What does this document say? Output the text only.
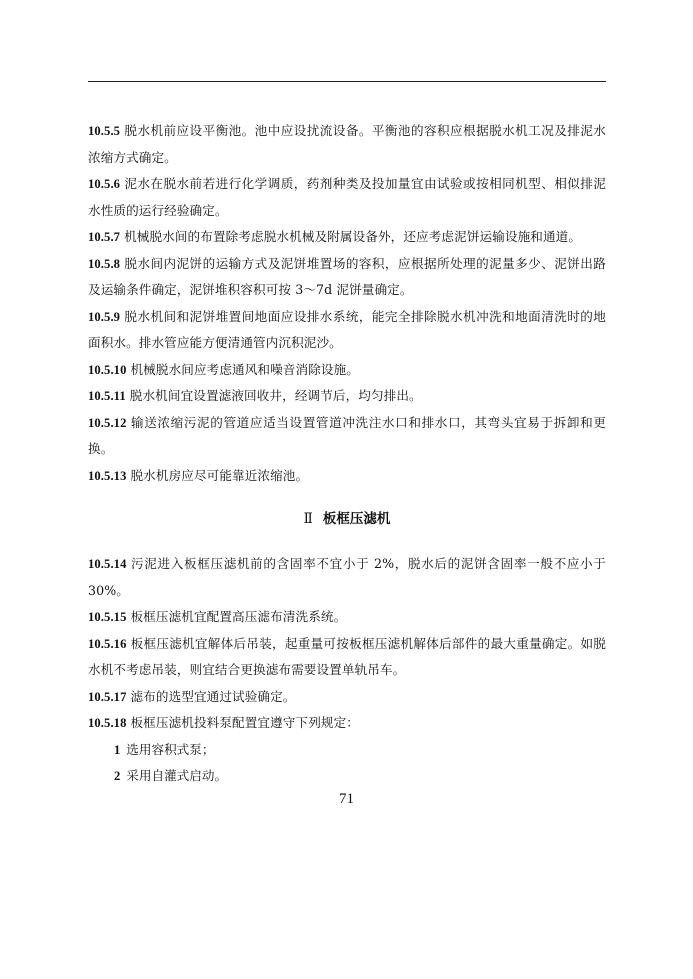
10.5.5 脱水机前应设平衡池。池中应设扰流设备。平衡池的容积应根据脱水机工况及排泥水浓缩方式确定。

10.5.6 泥水在脱水前若进行化学调质，药剂种类及投加量宜由试验或按相同机型、相似排泥水性质的运行经验确定。

10.5.7 机械脱水间的布置除考虑脱水机械及附属设备外，还应考虑泥饼运输设施和通道。

10.5.8 脱水间内泥饼的运输方式及泥饼堆置场的容积，应根据所处理的泥量多少、泥饼出路及运输条件确定，泥饼堆积容积可按 3～7d 泥饼量确定。

10.5.9 脱水机间和泥饼堆置间地面应设排水系统，能完全排除脱水机冲洗和地面清洗时的地面积水。排水管应能方便清通管内沉积泥沙。

10.5.10 机械脱水间应考虑通风和噪音消除设施。

10.5.11 脱水机间宜设置滤液回收井，经调节后，均匀排出。

10.5.12 输送浓缩污泥的管道应适当设置管道冲洗注水口和排水口，其弯头宜易于拆卸和更换。

10.5.13 脱水机房应尽可能靠近浓缩池。

Ⅱ 板框压滤机

10.5.14 污泥进入板框压滤机前的含固率不宜小于 2%，脱水后的泥饼含固率一般不应小于 30%。

10.5.15 板框压滤机宜配置高压滤布清洗系统。

10.5.16 板框压滤机宜解体后吊装，起重量可按板框压滤机解体后部件的最大重量确定。如脱水机不考虑吊装，则宜结合更换滤布需要设置单轨吊车。

10.5.17 滤布的选型宜通过试验确定。

10.5.18 板框压滤机投料泵配置宜遵守下列规定：

1 选用容积式泵；

2 采用自灌式启动。

71
